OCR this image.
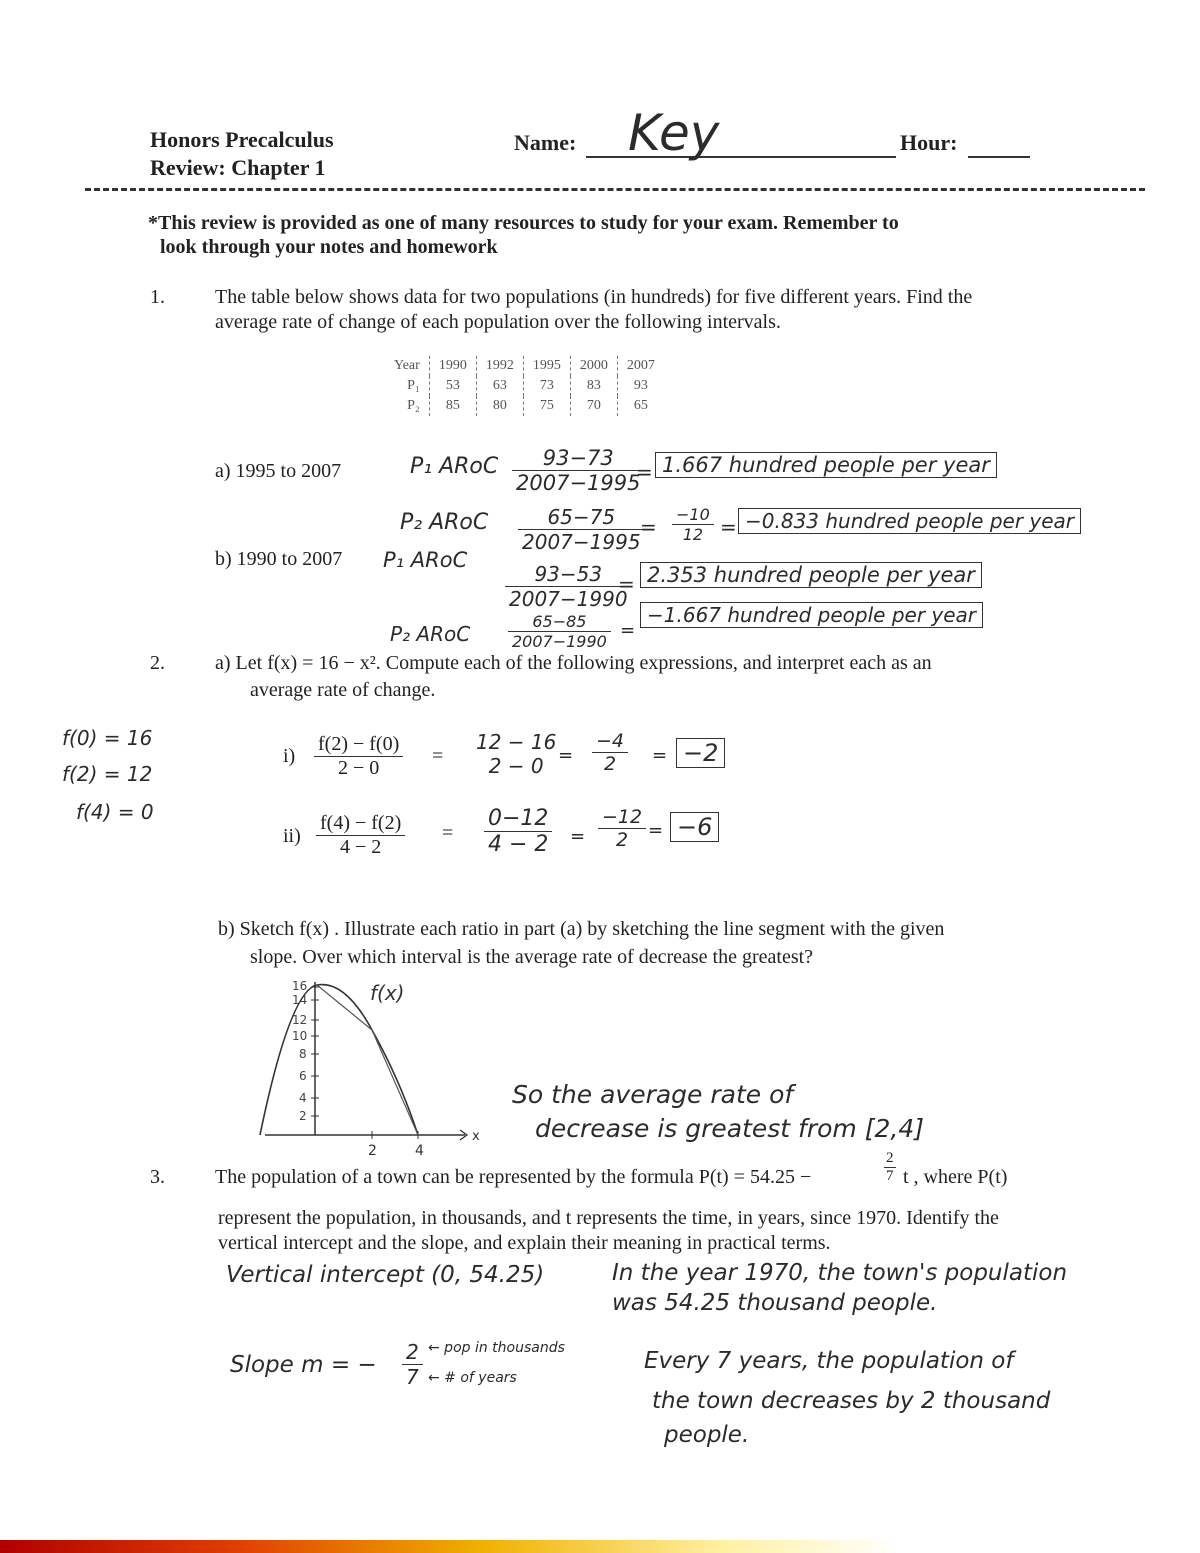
Honors Precalculus
Review: Chapter 1
Name: Key	Hour:
*This review is provided as one of many resources to study for your exam. Remember to
look through your notes and homework
1.	The table below shows data for two populations (in hundreds) for five different years. Find the
average rate of change of each population over the following intervals.
Year	1990	1992	1995	2000	2007
P₁	53	63	73	83	93
P₂	85	80	75	70	65
a) 1995 to 2007	P₁ ARoC $\frac{93-73}{2007-1995}$
= 1.667 hundred people per year
P₂ ARoC $\frac{65-75}{2007-1995}$
= $\frac{-10}{12} = -0.833$ hundred people per year
b) 1990 to 2007 P₁ ARoC
$\frac{93-53}{2007-1990}$
= 2.353 hundred people per year
P₂ ARoC $\frac{65-85}{2007-1990}$ =
−1.667 hundred people per year
2.	a) Let f(x) = 16 − x². Compute each of the following expressions, and interpret each as an
average rate of change.
f(0) = 16
f(2) = 12
f(4) = 0
$i) \frac{f(2) - f(0)}{2 - 0}$ =
12 − 16
$2 - 0 = \frac{-4}{2} = -2$
$ii) \frac{f(4) - f(2)}{4 - 2} = \frac{0-12}{4 - 2} = \frac{-12}{2} = -6$
b) Sketch f(x) . Illustrate each ratio in part (a) by sketching the line segment with the given
slope. Over which interval is the average rate of decrease the greatest?
16
14
12
10
8
6
4
2
2	4
x
f(x)
So the average rate of
decrease is greatest from [2,4]
3.	The population of a town can be represented by the formula P(t) = 54.25 −	$\frac{2}{7}$ t , where P(t)
represent the population, in thousands, and t represents the time, in years, since 1970. Identify the
vertical intercept and the slope, and explain their meaning in practical terms.
Vertical intercept (0, 54.25)	In the year 1970, the town's population
was 54.25 thousand people.
Slope m = − $\frac{2}{7}$ ← pop in thousands
← # of years
Every 7 years, the population of
the town decreases by 2 thousand
people.
